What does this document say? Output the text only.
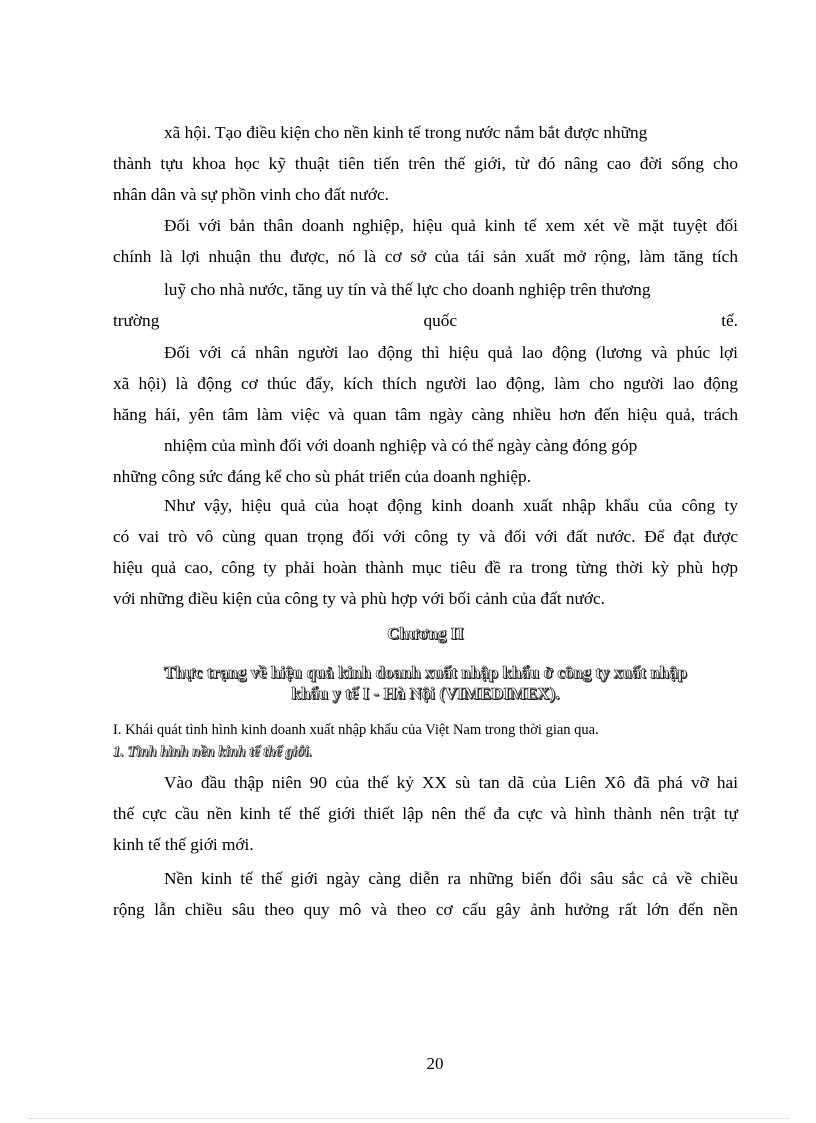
xã hội. Tạo điều kiện cho nền kinh tế trong nước nắm bắt được những
thành tựu khoa học kỹ thuật tiên tiến trên thế giới, từ đó nâng cao đời sống cho
nhân dân và sự phồn vinh cho đất nước.
Đối với bản thân doanh nghiệp, hiệu quả kinh tế xem xét về mặt tuyệt đối
chính là lợi nhuận thu được, nó là cơ sở của tái sản xuất mở rộng, làm tăng tích
luỹ cho nhà nước, tăng uy tín và thế lực cho doanh nghiệp trên thương
trường	quốc	tế.
Đối với cá nhân người lao động thì hiệu quả lao động (lương và phúc lợi
xã hội) là động cơ thúc đẩy, kích thích người lao động, làm cho người lao động
hăng hái, yên tâm làm việc và quan tâm ngày càng nhiều hơn đến hiệu quả, trách
nhiệm của mình đối với doanh nghiệp và có thể ngày càng đóng góp
những công sức đáng kể cho sù phát triển của doanh nghiệp.
Như vậy, hiệu quả của hoạt động kinh doanh xuất nhập khẩu của công ty
có vai trò vô cùng quan trọng đối với công ty và đối với đất nước. Để đạt được
hiệu quả cao, công ty phải hoàn thành mục tiêu đề ra trong từng thời kỳ phù hợp
với những điều kiện của công ty và phù hợp với bối cảnh của đất nước.
Chương II
Thực trạng về hiệu quả kinh doanh xuất nhập khẩu ở công ty xuất nhập
khẩu y tế I - Hà Nội (VIMEDIMEX).
I. Khái quát tình hình kinh doanh xuất nhập khẩu của Việt Nam trong thời gian qua.
1. Tình hình nền kinh tế thế giới.
Vào đầu thập niên 90 của thế kỷ XX sù tan dã của Liên Xô đã phá vỡ hai
thế cực cầu nền kinh tế thế giới thiết lập nên thế đa cực và hình thành nên trật tự
kinh tế thế giới mới.
Nền kinh tế thế giới ngày càng diễn ra những biến đổi sâu sắc cả về chiều
rộng lẫn chiều sâu theo quy mô và theo cơ cấu gây ảnh hưởng rất lớn đến nền
20
